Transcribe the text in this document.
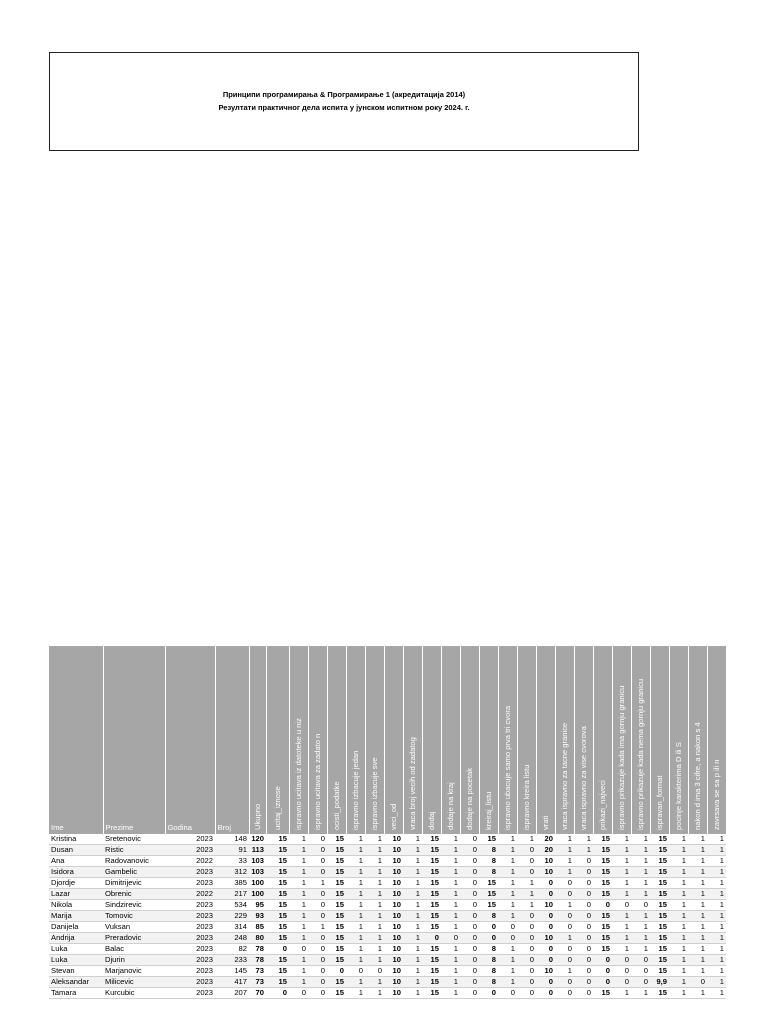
Принципи програмирања & Програмирање 1 (акредитација 2014)
Резултати практичног дела испита у јунском испитном року 2024. г.
Ime	Prezime	Godina	Broj	Ukupno	ucitaj_iznose	ispravno ucitava iz datoteke u niz	ispravno ucitava za zadato n	ocisti_podatke	ispravno izbacuje jedan	ispravno izbacuje sve	veci_od	vraca broj vecih od zadatog	dodaj	dodaje na kraj	dodaje na pocetak	kreiraj_listu	ispravno ubacuje samo prva tri cvora	ispravno kreira listu	vrati	vraca ispravno za tacne granice	vraca ispravno za vise cvorova	prikazi_najveci	ispravno prikazuje kada ima gornju granicu	ispravno prikazuje kada nema gornju granicu	ispravan_format	pocinje karakterima D ili S	nakon d ima 3 cifre, a nakon s 4	zavrsava se sa p ili n

Kristina	Sretenovic	2023	148	120	15	1	0	15	1	1	10	1	15	1	0	15	1	1	20	1	1	15	1	1	15	1	1	1
Dusan	Ristic	2023	91	113	15	1	0	15	1	1	10	1	15	1	0	8	1	0	20	1	1	15	1	1	15	1	1	1
Ana	Radovanovic	2022	33	103	15	1	0	15	1	1	10	1	15	1	0	8	1	0	10	1	0	15	1	1	15	1	1	1
Isidora	Gambelic	2023	312	103	15	1	0	15	1	1	10	1	15	1	0	8	1	0	10	1	0	15	1	1	15	1	1	1
Djordje	Dimitrijevic	2023	385	100	15	1	1	15	1	1	10	1	15	1	0	15	1	1	0	0	0	15	1	1	15	1	1	1
Lazar	Obrenic	2022	217	100	15	1	0	15	1	1	10	1	15	1	0	15	1	1	0	0	0	15	1	1	15	1	1	1
Nikola	Sindzirevic	2023	534	95	15	1	0	15	1	1	10	1	15	1	0	15	1	1	10	1	0	0	0	0	15	1	1	1
Marija	Tomovic	2023	229	93	15	1	0	15	1	1	10	1	15	1	0	8	1	0	0	0	0	15	1	1	15	1	1	1
Danijela	Vuksan	2023	314	85	15	1	1	15	1	1	10	1	15	1	0	0	0	0	0	0	0	15	1	1	15	1	1	1
Andrija	Preradovic	2023	248	80	15	1	0	15	1	1	10	1	0	0	0	0	0	0	10	1	0	15	1	1	15	1	1	1
Luka	Balac	2023	82	78	0	0	0	15	1	1	10	1	15	1	0	8	1	0	0	0	0	15	1	1	15	1	1	1
Luka	Djurin	2023	233	78	15	1	0	15	1	1	10	1	15	1	0	8	1	0	0	0	0	0	0	0	15	1	1	1
Stevan	Marjanovic	2023	145	73	15	1	0	0	0	0	10	1	15	1	0	8	1	0	10	1	0	0	0	0	15	1	1	1
Aleksandar	Milicevic	2023	417	73	15	1	0	15	1	1	10	1	15	1	0	8	1	0	0	0	0	0	0	0	9,9	1	0	1
Tamara	Kurcubic	2023	207	70	0	0	0	15	1	1	10	1	15	1	0	0	0	0	0	0	0	15	1	1	15	1	1	1
